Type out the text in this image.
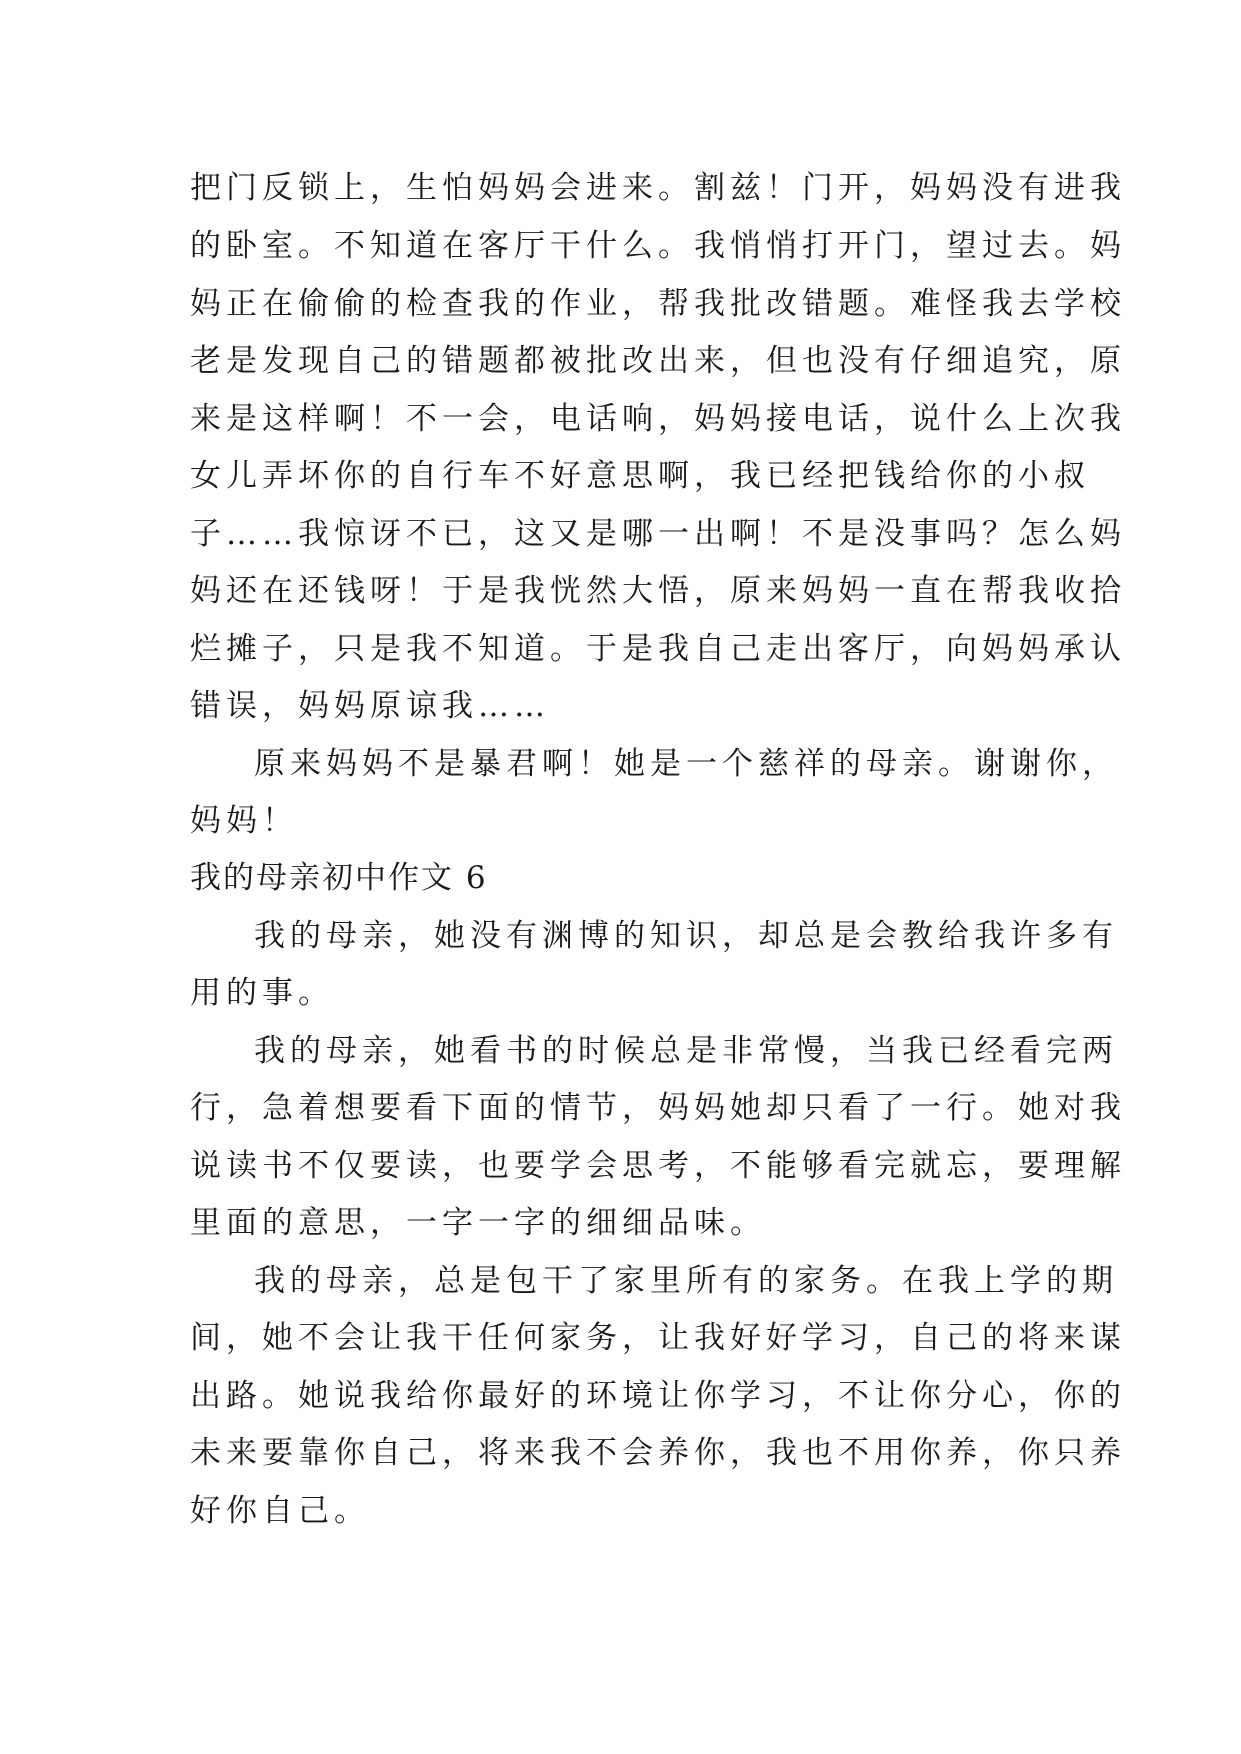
把门反锁上，生怕妈妈会进来。割兹！门开，妈妈没有进我

的卧室。不知道在客厅干什么。我悄悄打开门，望过去。妈

妈正在偷偷的检查我的作业，帮我批改错题。难怪我去学校

老是发现自己的错题都被批改出来，但也没有仔细追究，原

来是这样啊！不一会，电话响，妈妈接电话，说什么上次我

女儿弄坏你的自行车不好意思啊，我已经把钱给你的小叔

子……我惊讶不已，这又是哪一出啊！不是没事吗？怎么妈

妈还在还钱呀！于是我恍然大悟，原来妈妈一直在帮我收拾

烂摊子，只是我不知道。于是我自己走出客厅，向妈妈承认

错误，妈妈原谅我……

原来妈妈不是暴君啊！她是一个慈祥的母亲。谢谢你，

妈妈！

我的母亲初中作文 6

我的母亲，她没有渊博的知识，却总是会教给我许多有

用的事。

我的母亲，她看书的时候总是非常慢，当我已经看完两

行，急着想要看下面的情节，妈妈她却只看了一行。她对我

说读书不仅要读，也要学会思考，不能够看完就忘，要理解

里面的意思，一字一字的细细品味。

我的母亲，总是包干了家里所有的家务。在我上学的期

间，她不会让我干任何家务，让我好好学习，自己的将来谋

出路。她说我给你最好的环境让你学习，不让你分心，你的

未来要靠你自己，将来我不会养你，我也不用你养，你只养

好你自己。
